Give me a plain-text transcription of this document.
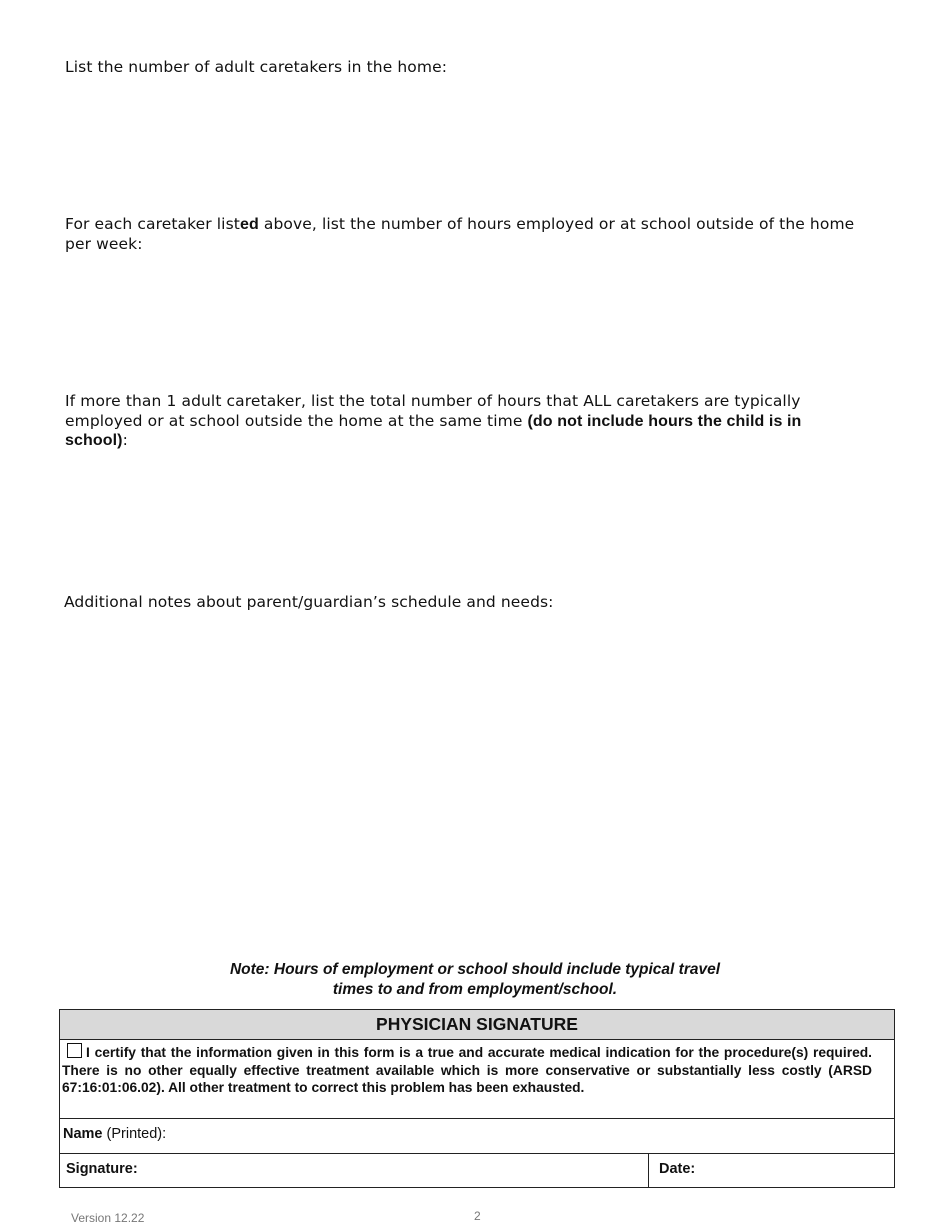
List the number of adult caretakers in the home:
For each caretaker listed above, list the number of hours employed or at school outside of the home per week:
If more than 1 adult caretaker, list the total number of hours that ALL caretakers are typically employed or at school outside the home at the same time (do not include hours the child is in school):
Additional notes about parent/guardian’s schedule and needs:
Note: Hours of employment or school should include typical travel
times to and from employment/school.
PHYSICIAN SIGNATURE
I certify that the information given in this form is a true and accurate medical indication for the procedure(s) required. There is no other equally effective treatment available which is more conservative or substantially less costly (ARSD 67:16:01:06.02). All other treatment to correct this problem has been exhausted.
Name (Printed):
Signature:	Date:
Version 12.22	2
